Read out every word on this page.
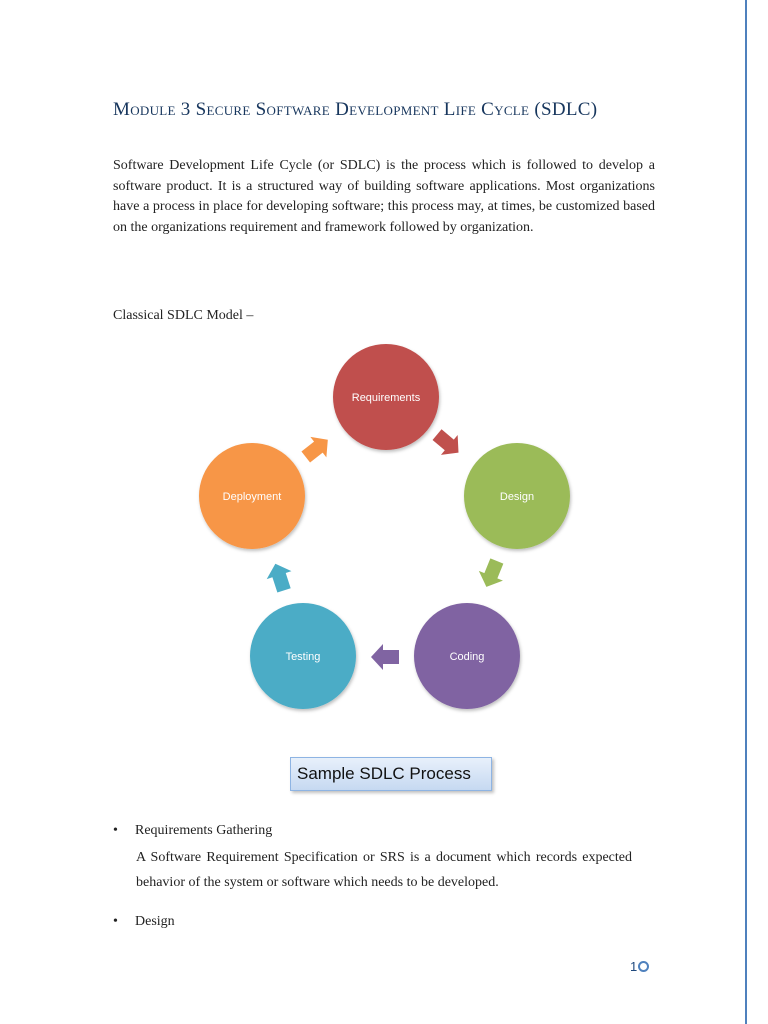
Module 3 Secure Software Development Life Cycle (SDLC)

Software Development Life Cycle (or SDLC) is the process which is followed to develop a software product. It is a structured way of building software applications. Most organizations have a process in place for developing software; this process may, at times, be customized based on the organizations requirement and framework followed by organization.

Classical SDLC Model –

Requirements
Design
Coding
Testing
Deployment
Sample SDLC Process

• Requirements Gathering

A Software Requirement Specification or SRS is a document which records expected behavior of the system or software which needs to be developed.

• Design

1
